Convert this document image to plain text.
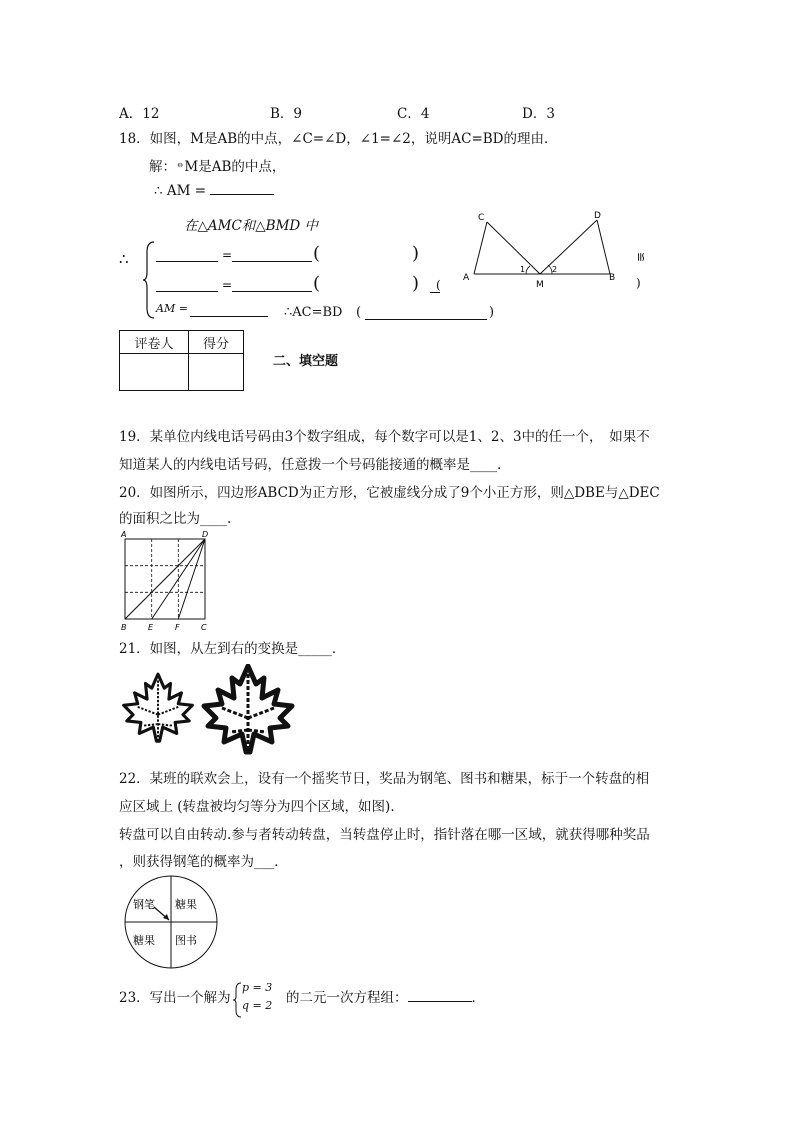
A．12	B．9	C．4	D．3
18．如图，M是AB的中点，∠C=∠D，∠1=∠2，说明AC=BD的理由．
解：⦵M是AB的中点，
∴ AM =
在△AMC和△BMD 中
∴	=	(	)
=	(	) (
AM =	∴AC=BD (	)
≌
)
C	D
A
M
B
1	2
评卷人	得分

二、填空题
19．某单位内线电话号码由3个数字组成，每个数字可以是1、2、3中的任一个，　如果不
知道某人的内线电话号码，任意拨一个号码能接通的概率是____.
20．如图所示，四边形ABCD为正方形，它被虚线分成了9个小正方形，则△DBE与△DEC
的面积之比为____.
A	D
B	E	F	C
21．如图，从左到右的变换是_____．
22．某班的联欢会上，设有一个摇奖节日，奖品为钢笔、图书和糖果，标于一个转盘的相
应区域上 (转盘被均匀等分为四个区域，如图).
转盘可以自由转动.参与者转动转盘，当转盘停止时，指针落在哪一区域，就获得哪种奖品
，则获得钢笔的概率为___．
钢笔 糖果
糖果 图书
23．写出一个解为
p = 3
q = 2 的二元一次方程组：	．
